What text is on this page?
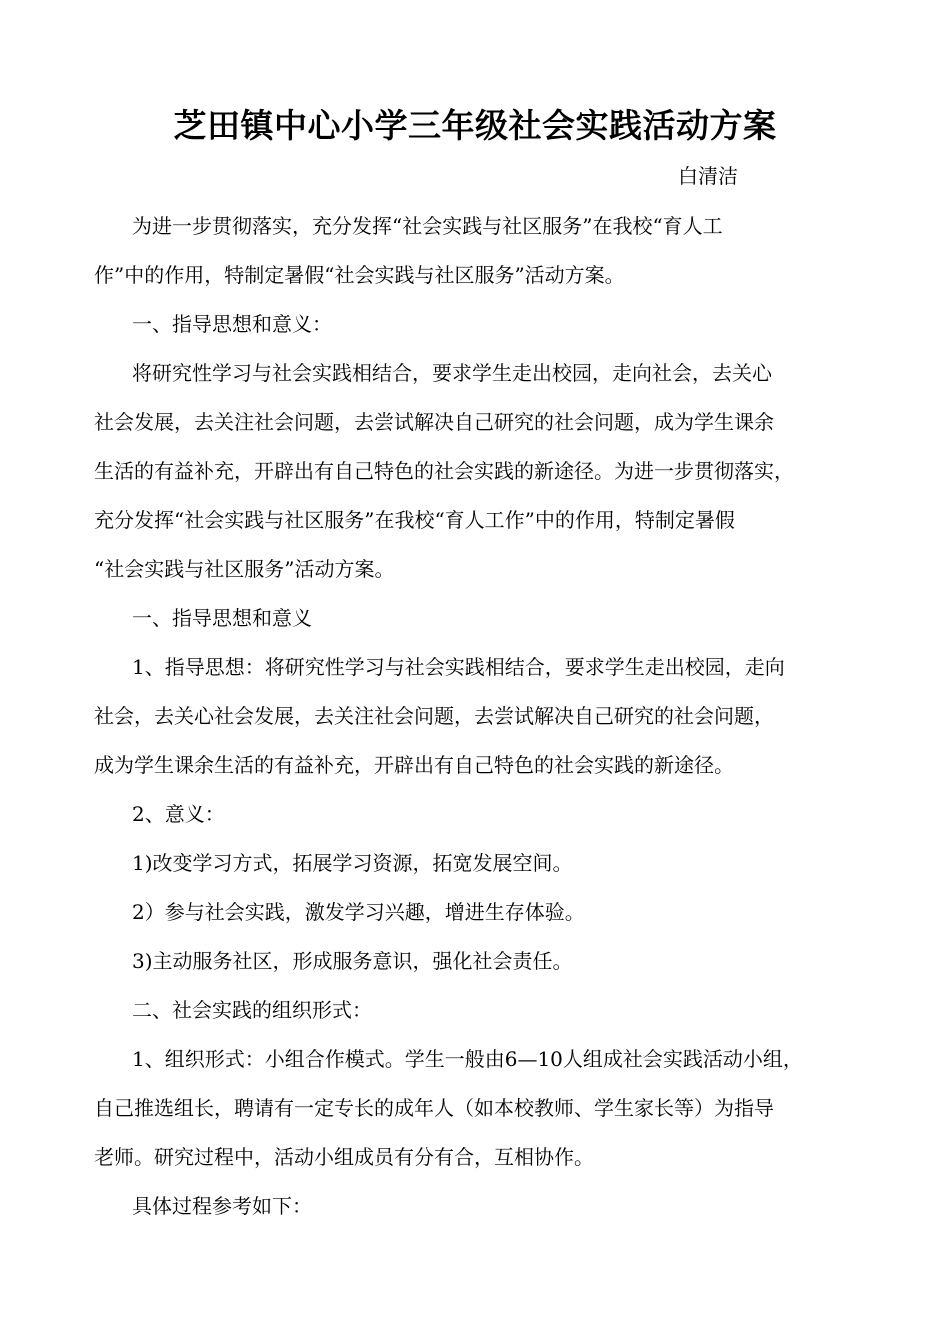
芝田镇中心小学三年级社会实践活动方案
白清洁
为进一步贯彻落实，充分发挥“社会实践与社区服务”在我校“育人工
作”中的作用，特制定暑假“社会实践与社区服务”活动方案。
一、指导思想和意义：
将研究性学习与社会实践相结合，要求学生走出校园，走向社会，去关心
社会发展，去关注社会问题，去尝试解决自己研究的社会问题，成为学生课余
生活的有益补充，开辟出有自己特色的社会实践的新途径。为进一步贯彻落实，
充分发挥“社会实践与社区服务”在我校“育人工作”中的作用，特制定暑假
“社会实践与社区服务”活动方案。
一、指导思想和意义
1、指导思想：将研究性学习与社会实践相结合，要求学生走出校园，走向
社会，去关心社会发展，去关注社会问题，去尝试解决自己研究的社会问题，
成为学生课余生活的有益补充，开辟出有自己特色的社会实践的新途径。
2、意义：
1)改变学习方式，拓展学习资源，拓宽发展空间。
2）参与社会实践，激发学习兴趣，增进生存体验。
3)主动服务社区，形成服务意识，强化社会责任。
二、社会实践的组织形式：
1、组织形式：小组合作模式。学生一般由6—10人组成社会实践活动小组，
自己推选组长，聘请有一定专长的成年人（如本校教师、学生家长等）为指导
老师。研究过程中，活动小组成员有分有合，互相协作。
具体过程参考如下：
